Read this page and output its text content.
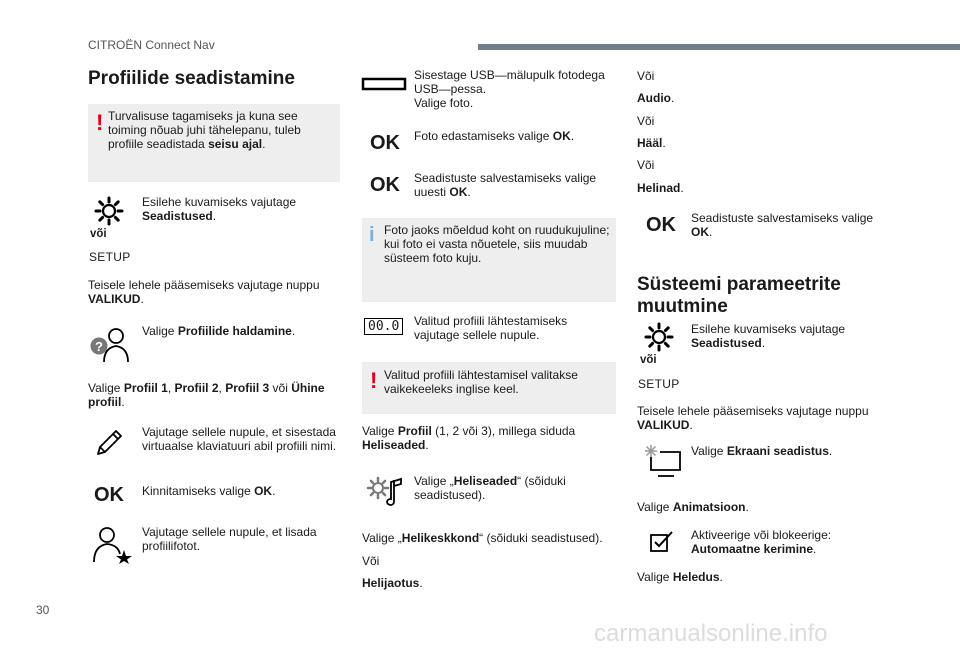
CITROËN Connect Nav
Profiilide seadistamine
! Turvalisuse tagamiseks ja kuna see
toiming nõuab juhi tähelepanu, tuleb
profiile seadistada seisu ajal.
või
SETUP
Esilehe kuvamiseks vajutage
Seadistused.
Teisele lehele pääsemiseks vajutage nuppu
VALIKUD.
?
Valige Profiilide haldamine.
Valige Profiil 1, Profiil 2, Profiil 3 või Ühine
profiil.
Vajutage sellele nupule, et sisestada
virtuaalse klaviatuuri abil profiili nimi.
OK Kinnitamiseks valige OK.
Vajutage sellele nupule, et lisada
profiilifotot.
Sisestage USB—mälupulk fotodega
USB—pessa.
Valige foto.
OK Foto edastamiseks valige OK.
OK Seadistuste salvestamiseks valige
uuesti OK.
i Foto jaoks mõeldud koht on ruudukujuline;
kui foto ei vasta nõuetele, siis muudab
süsteem foto kuju.
00.0	Valitud profiili lähtestamiseks
vajutage sellele nupule.
! Valitud profiili lähtestamisel valitakse
vaikekeeleks inglise keel.
Valige Profiil (1, 2 või 3), millega siduda
Heliseaded.
Valige „Heliseaded“ (sõiduki
seadistused).
Valige „Helikeskkond“ (sõiduki seadistused).
Või
Helijaotus.
Või
Audio.
Või
Hääl.
Või
Helinad.
OK Seadistuste salvestamiseks valige
OK.
Süsteemi parameetrite
muutmine
või
SETUP
Esilehe kuvamiseks vajutage
Seadistused.
Teisele lehele pääsemiseks vajutage nuppu
VALIKUD.
Valige Ekraani seadistus.
Valige Animatsioon.
Aktiveerige või blokeerige:
Automaatne kerimine.
Valige Heledus.
30
carmanualsonline.info
